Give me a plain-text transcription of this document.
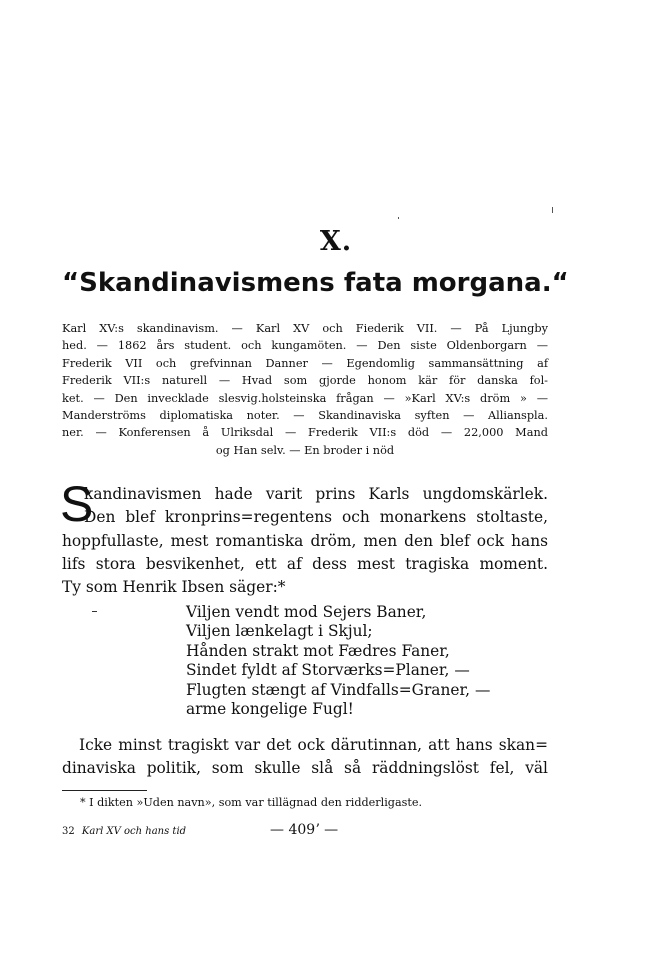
X.
“Skandinavismens fata morgana.“
Karl XV:s skandinavism. — Karl XV och Fiederik VII. — På Ljungby
hed. — 1862 års student. och kungamöten. — Den siste Oldenborgarn —
Frederik VII och grefvinnan Danner — Egendomlig sammansättning af
Frederik VII:s naturell — Hvad som gjorde honom kär för danska fol-
ket. — Den invecklade slesvig.holsteinska frågan — »Karl XV:s dröm » —
Manderströms diplomatiska noter. — Skandinaviska syften — Allianspla.
ner. — Konferensen å Ulriksdal — Frederik VII:s död — 22,000 Mand
og Han selv. — En broder i nöd
S
kandinavismen hade varit prins Karls ungdomskärlek.
Den blef kronprins=regentens och monarkens stoltaste,
hoppfullaste, mest romantiska dröm, men den blef ock hans
lifs stora besvikenhet, ett af dess mest tragiska moment.
Ty som Henrik Ibsen säger:*
Viljen vendt mod Sejers Baner,
Viljen lænkelagt i Skjul;
Hånden strakt mot Fædres Faner,
Sindet fyldt af Storværks=Planer, —
Flugten stængt af Vindfalls=Graner, —
arme kongelige Fugl!
Icke minst tragiskt var det ock därutinnan, att hans skan=
dinaviska politik, som skulle slå så räddningslöst fel, väl
* I dikten »Uden navn», som var tillägnad den ridderligaste.
32 Karl XV och hans tid	— 409ʼ —
